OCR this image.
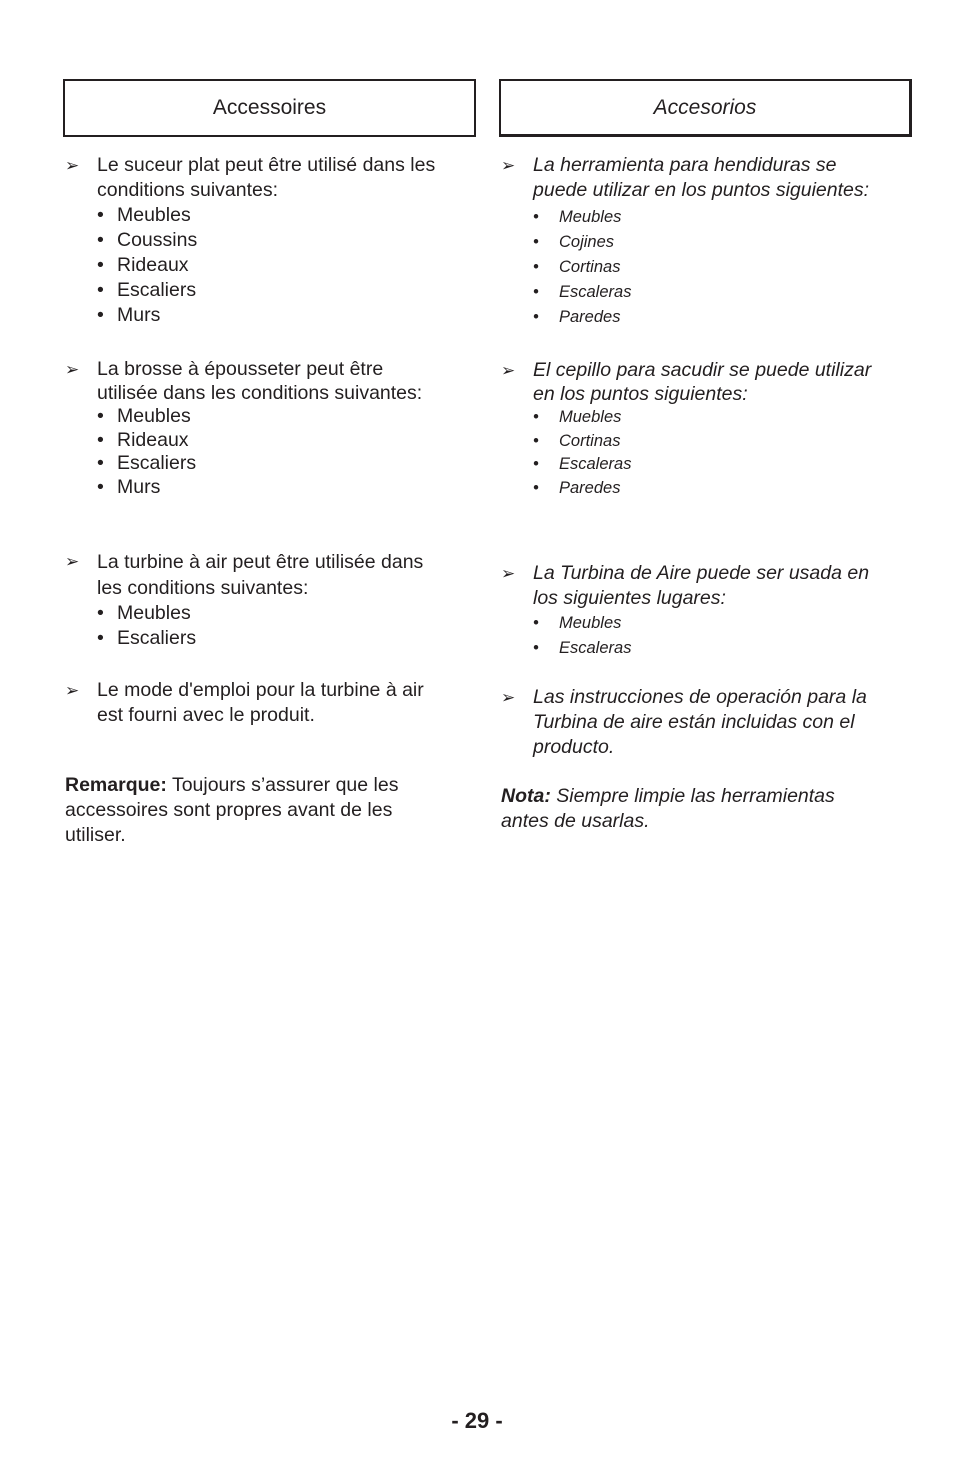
Accessoires
➢ Le suceur plat peut être utilisé dans les
conditions suivantes:
• Meubles
• Coussins
• Rideaux
• Escaliers
• Murs
➢ La brosse à épousseter peut être
utilisée dans les conditions suivantes:
• Meubles
• Rideaux
• Escaliers
• Murs
➢ La turbine à air peut être utilisée dans
les conditions suivantes:
• Meubles
• Escaliers
➢ Le mode d'emploi pour la turbine à air
est fourni avec le produit.
Remarque: Toujours s’assurer que les
accessoires sont propres avant de les
utiliser.
Accesorios
➢ La herramienta para hendiduras se
puede utilizar en los puntos siguientes:
• Meubles
• Cojines
• Cortinas
• Escaleras
• Paredes
➢ El cepillo para sacudir se puede utilizar
en los puntos siguientes:
• Muebles
• Cortinas
• Escaleras
• Paredes
➢ La Turbina de Aire puede ser usada en
los siguientes lugares:
• Meubles
• Escaleras
➢ Las instrucciones de operación para la
Turbina de aire están incluidas con el
producto.
Nota: Siempre limpie las herramientas
antes de usarlas.
- 29 -
